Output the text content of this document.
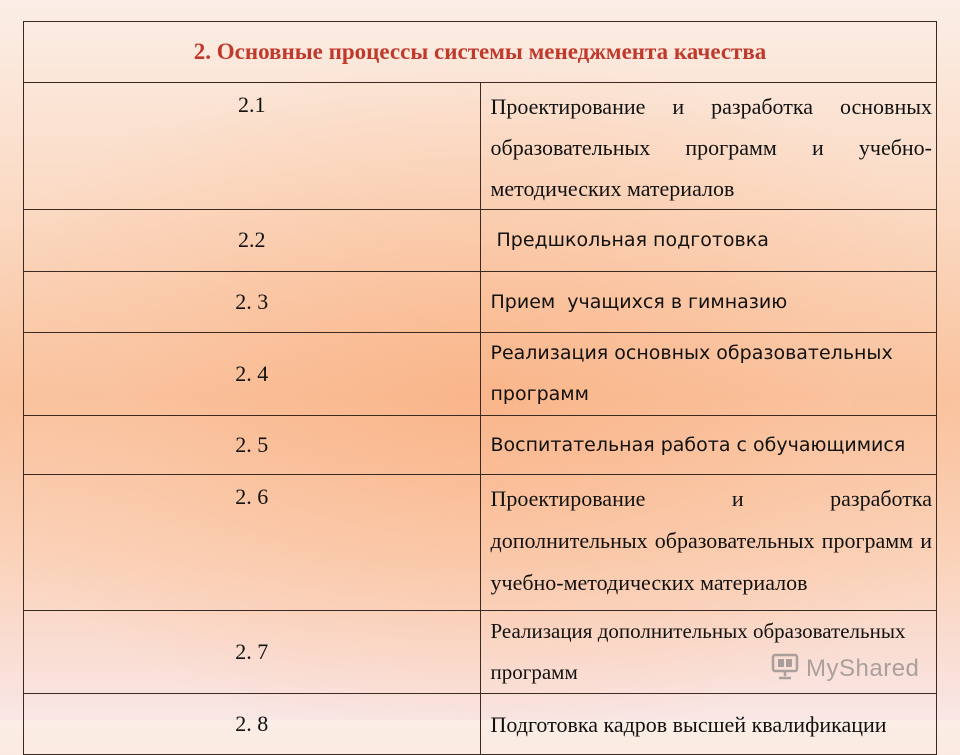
2. Основные процессы системы менеджмента качества	
2.1	Проектирование и разработка основных образовательных программ и учебно-методических материалов
2.2	Предшкольная подготовка
2. 3	Прием  учащихся в гимназию
2. 4	Реализация основных образовательных программ
2. 5	Воспитательная работа с обучающимися
2. 6	Проектирование и разработка дополнительных образовательных программ и учебно-методических материалов
2. 7	Реализация дополнительных образовательных программ
2. 8	Подготовка кадров высшей квалификации
MyShared
